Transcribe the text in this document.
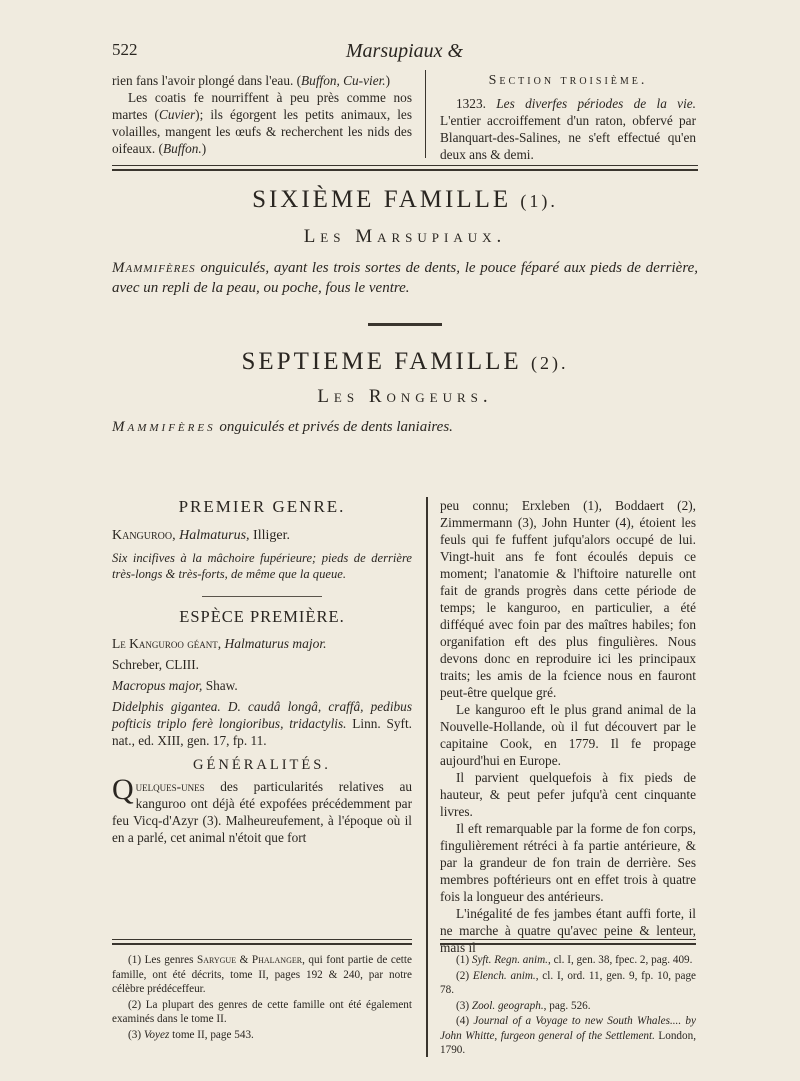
522	Marsupiaux &

rien fans l'avoir plongé dans l'eau. (Buffon, Cu-vier.)

Les coatis fe nourriffent à peu près comme nos martes (Cuvier); ils égorgent les petits animaux, les volailles, mangent les œufs & recherchent les nids des oifeaux. (Buffon.)

Section troisième.

1323. Les diverfes périodes de la vie. L'entier accroiffement d'un raton, obfervé par Blanquart-des-Salines, ne s'eft effectué qu'en deux ans & demi.

SIXIÈME FAMILLE (1).
Les Marsupiaux.
Mammifères onguiculés, ayant les trois sortes de dents, le pouce féparé aux pieds de derrière, avec un repli de la peau, ou poche, fous le ventre.
SEPTIEME FAMILLE (2).
Les Rongeurs.
Mammifères onguiculés et privés de dents laniaires.
PREMIER GENRE.
Kanguroo, Halmaturus, Illiger.
Six incifives à la mâchoire fupérieure; pieds de derrière très-longs & très-forts, de même que la queue.
ESPÈCE PREMIÈRE.
Le Kanguroo géant, Halmaturus major.
Schreber, CLIII.
Macropus major, Shaw.
Didelphis gigantea. D. caudâ longâ, craffâ, pedibus pofticis triplo ferè longioribus, tridactylis. Linn. Syft. nat., ed. XIII, gen. 17, fp. 11.
GÉNÉRALITÉS.
Quelques-unes des particularités relatives au kanguroo ont déjà été expofées précédemment par feu Vicq-d'Azyr (3). Malheureufement, à l'époque où il en a parlé, cet animal n'étoit que fort

peu connu; Erxleben (1), Boddaert (2), Zimmermann (3), John Hunter (4), étoient les feuls qui fe fuffent jufqu'alors occupé de lui. Vingt-huit ans fe font écoulés depuis ce moment; l'anatomie & l'hiftoire naturelle ont fait de grands progrès dans cette période de temps; le kanguroo, en particulier, a été difféqué avec foin par des maîtres habiles; fon organifation eft des plus fingulières. Nous devons donc en reproduire ici les principaux traits; les amis de la fcience nous en fauront peut-être quelque gré.

Le kanguroo eft le plus grand animal de la Nouvelle-Hollande, où il fut découvert par le capitaine Cook, en 1779. Il fe propage aujourd'hui en Europe.

Il parvient quelquefois à fix pieds de hauteur, & peut pefer jufqu'à cent cinquante livres.

Il eft remarquable par la forme de fon corps, fingulièrement rétréci à fa partie antérieure, & par la grandeur de fon train de derrière. Ses membres poftérieurs ont en effet trois à quatre fois la longueur des antérieurs.

L'inégalité de fes jambes étant auffi forte, il ne marche à quatre qu'avec peine & lenteur, mais il

(1) Les genres Sarygue & Phalanger, qui font partie de cette famille, ont été décrits, tome II, pages 192 & 240, par notre célèbre prédéceffeur.

(2) La plupart des genres de cette famille ont été également examinés dans le tome II.

(3) Voyez tome II, page 543.

(1) Syft. Regn. anim., cl. I, gen. 38, fpec. 2, pag. 409.

(2) Elench. anim., cl. I, ord. 11, gen. 9, fp. 10, page 78.

(3) Zool. geograph., pag. 526.

(4) Journal of a Voyage to new South Whales.... by John Whitte, furgeon general of the Settlement. London, 1790.
